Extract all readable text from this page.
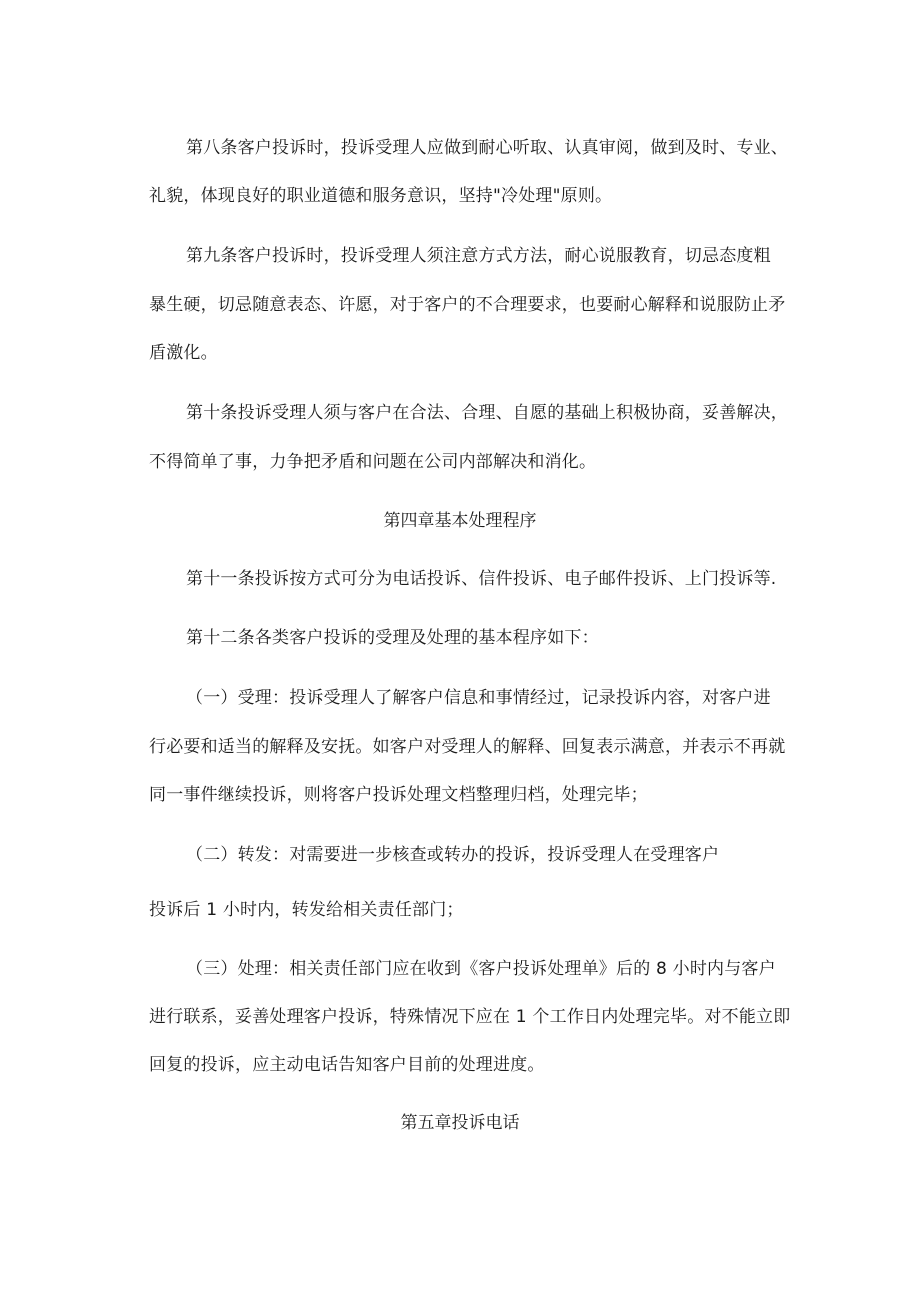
第八条客户投诉时，投诉受理人应做到耐心听取、认真审阅，做到及时、专业、
礼貌，体现良好的职业道德和服务意识，坚持"冷处理"原则。
第九条客户投诉时，投诉受理人须注意方式方法，耐心说服教育，切忌态度粗
暴生硬，切忌随意表态、许愿，对于客户的不合理要求，也要耐心解释和说服防止矛
盾激化。
第十条投诉受理人须与客户在合法、合理、自愿的基础上积极协商，妥善解决，
不得简单了事，力争把矛盾和问题在公司内部解决和消化。
第四章基本处理程序
第十一条投诉按方式可分为电话投诉、信件投诉、电子邮件投诉、上门投诉等.
第十二条各类客户投诉的受理及处理的基本程序如下：
（一）受理：投诉受理人了解客户信息和事情经过，记录投诉内容，对客户进
行必要和适当的解释及安抚。如客户对受理人的解释、回复表示满意，并表示不再就
同一事件继续投诉，则将客户投诉处理文档整理归档，处理完毕；
（二）转发：对需要进一步核查或转办的投诉，投诉受理人在受理客户
投诉后 1 小时内，转发给相关责任部门；
（三）处理：相关责任部门应在收到《客户投诉处理单》后的 8 小时内与客户
进行联系，妥善处理客户投诉，特殊情况下应在 1 个工作日内处理完毕。对不能立即
回复的投诉，应主动电话告知客户目前的处理进度。
第五章投诉电话
